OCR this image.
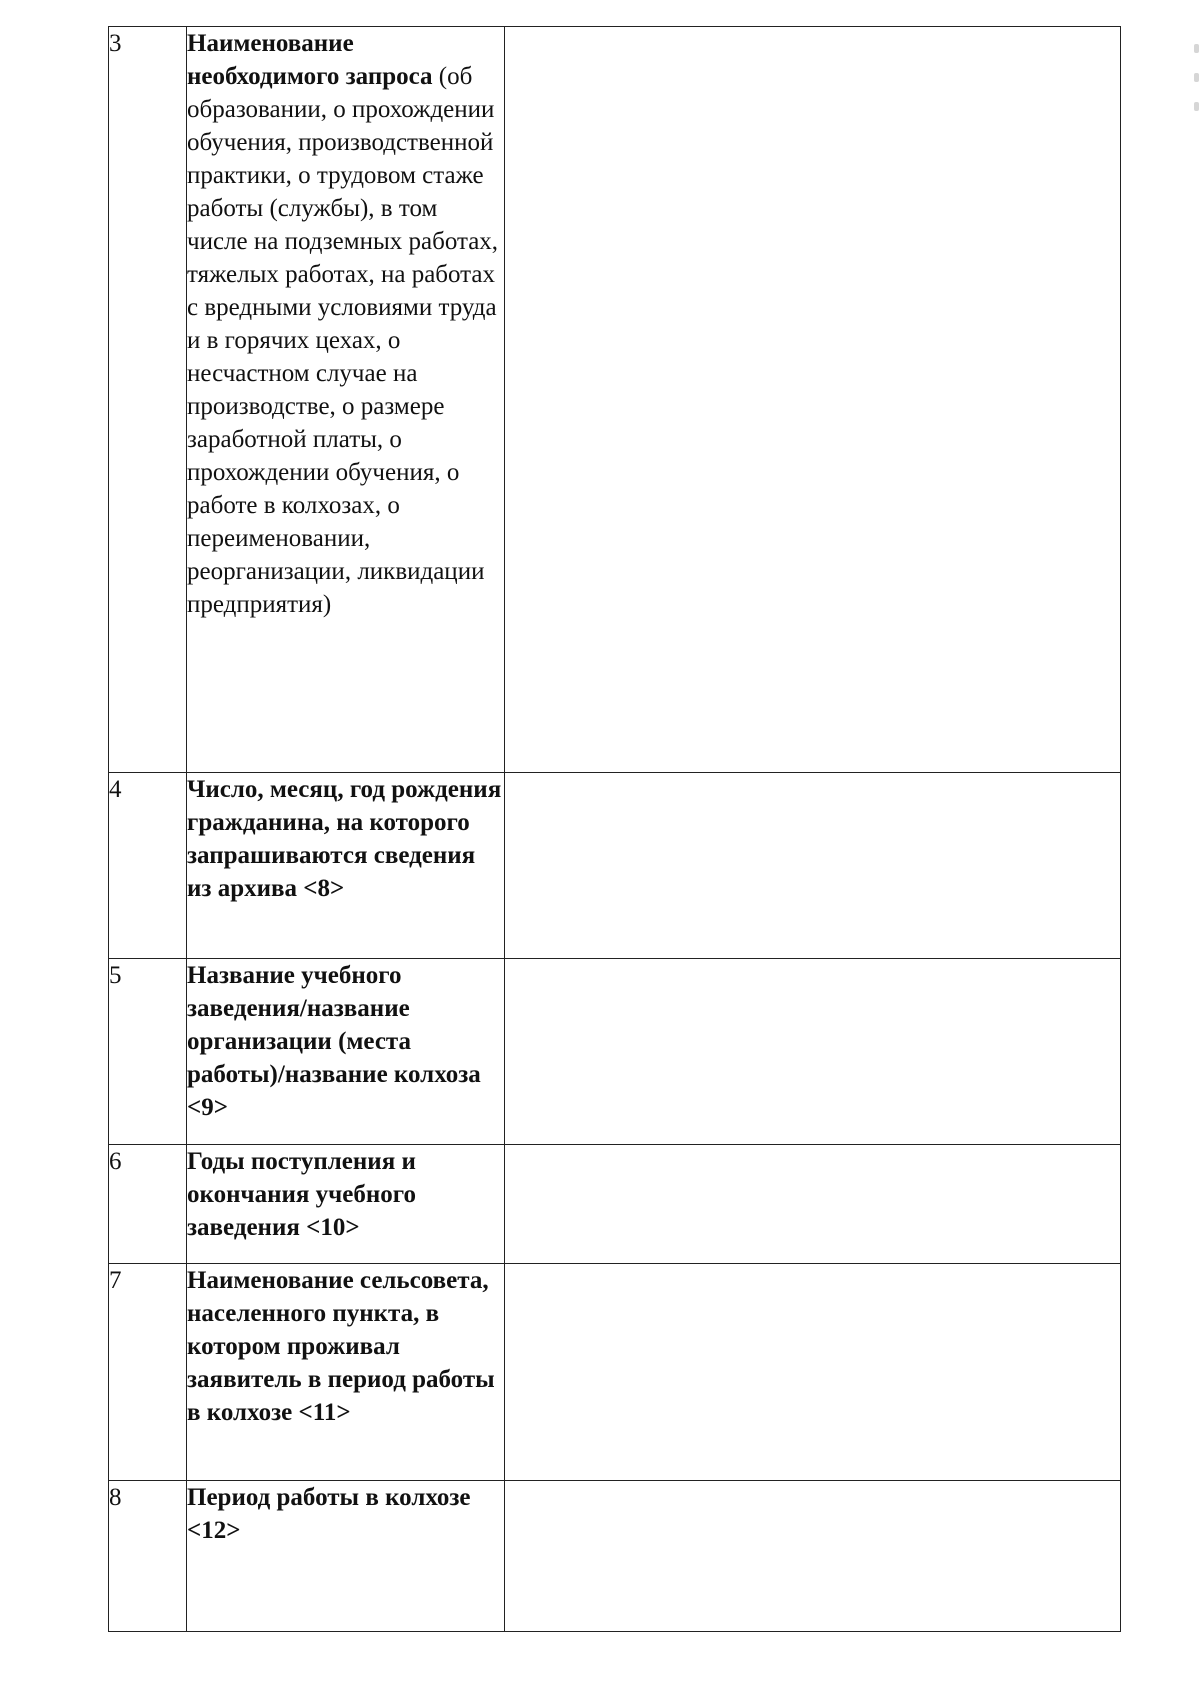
3	Наименование необходимого запроса (об образовании, о прохождении обучения, производственной практики, о трудовом стаже работы (службы), в том числе на подземных работах, тяжелых работах, на работах с вредными условиями труда и в горячих цехах, о несчастном случае на производстве, о размере заработной платы, о прохождении обучения, о работе в колхозах, о переименовании, реорганизации, ликвидации предприятия)	
4	Число, месяц, год рождения гражданина, на которого запрашиваются сведения из архива <8>	
5	Название учебного заведения/название организации (места работы)/название колхоза <9>	
6	Годы поступления и окончания учебного заведения <10>	
7	Наименование сельсовета, населенного пункта, в котором проживал заявитель в период работы в колхозе <11>	
8	Период работы в колхозе <12>	
